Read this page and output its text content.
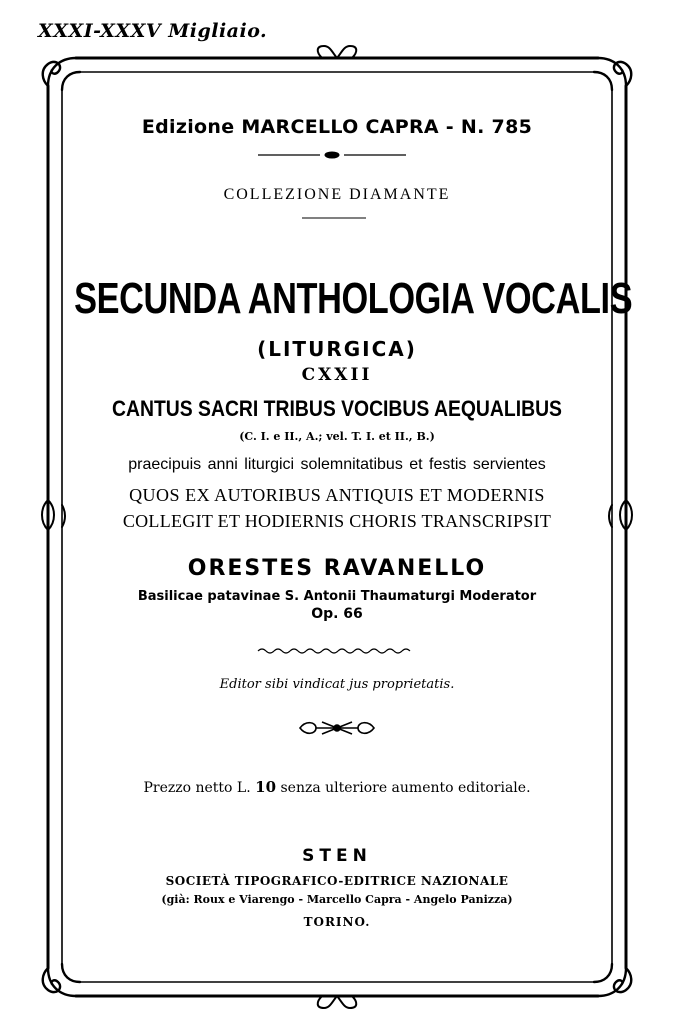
XXXI-XXXV Migliaio.
Edizione MARCELLO CAPRA - N. 785
COLLEZIONE DIAMANTE
SECUNDA ANTHOLOGIA VOCALIS
(LITURGICA)
CXXII
CANTUS SACRI TRIBUS VOCIBUS AEQUALIBUS
(C. I. e II., A.; vel. T. I. et II., B.)
praecipuis anni liturgici solemnitatibus et festis servientes
QUOS EX AUTORIBUS ANTIQUIS ET MODERNIS
COLLEGIT ET HODIERNIS CHORIS TRANSCRIPSIT
ORESTES RAVANELLO
Basilicae patavinae S. Antonii Thaumaturgi Moderator
Op. 66
Editor sibi vindicat jus proprietatis.
Prezzo netto L. 10 senza ulteriore aumento editoriale.
STEN
SOCIETÀ TIPOGRAFICO-EDITRICE NAZIONALE
(già: Roux e Viarengo - Marcello Capra - Angelo Panizza)
TORINO.
